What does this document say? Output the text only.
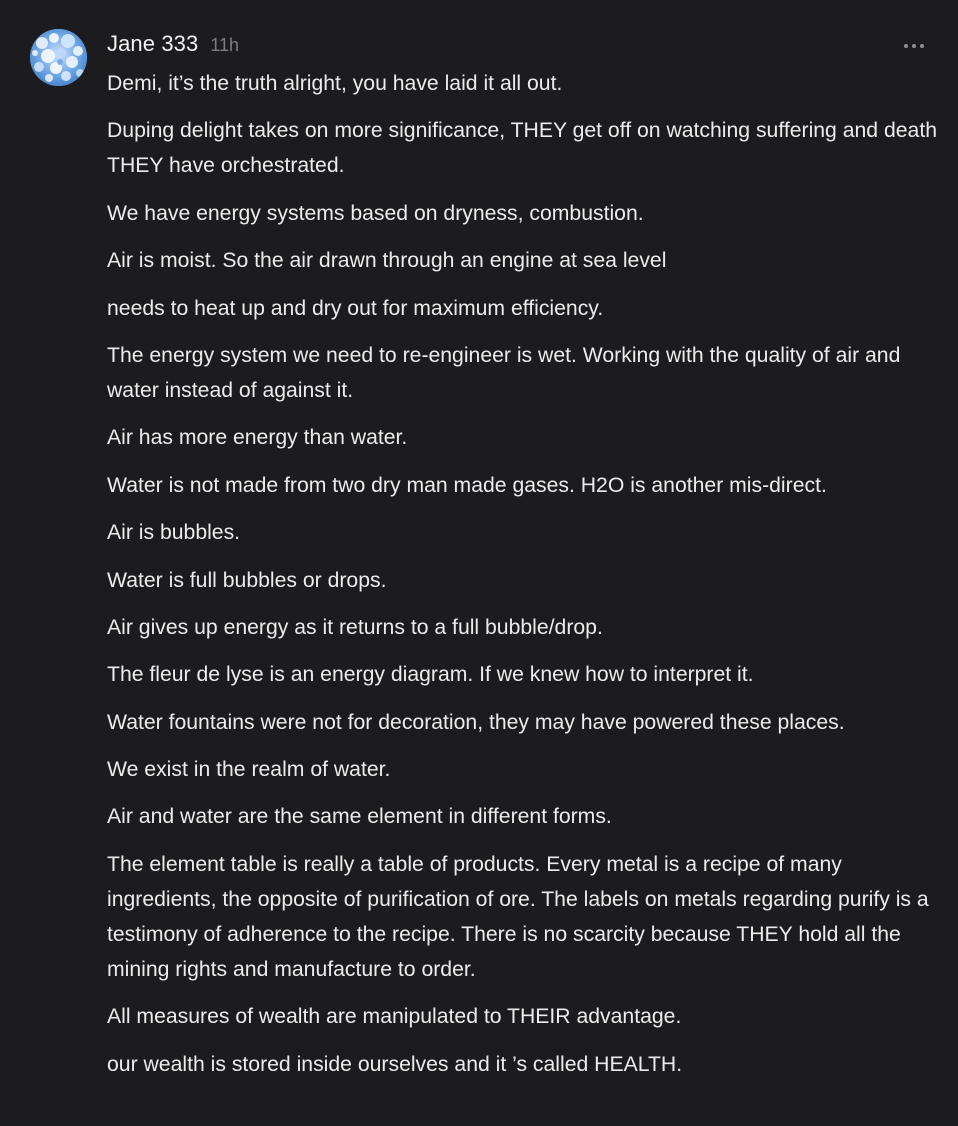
Jane 333 11h

Demi, it’s the truth alright, you have laid it all out.

Duping delight takes on more significance, THEY get off on watching suffering and death THEY have orchestrated.

We have energy systems based on dryness, combustion.

Air is moist. So the air drawn through an engine at sea level

needs to heat up and dry out for maximum efficiency.

The energy system we need to re-engineer is wet. Working with the quality of air and water instead of against it.

Air has more energy than water.

Water is not made from two dry man made gases. H2O is another mis-direct.

Air is bubbles.

Water is full bubbles or drops.

Air gives up energy as it returns to a full bubble/drop.

The fleur de lyse is an energy diagram. If we knew how to interpret it.

Water fountains were not for decoration, they may have powered these places.

We exist in the realm of water.

Air and water are the same element in different forms.

The element table is really a table of products. Every metal is a recipe of many ingredients, the opposite of purification of ore. The labels on metals regarding purify is a testimony of adherence to the recipe. There is no scarcity because THEY hold all the mining rights and manufacture to order.

All measures of wealth are manipulated to THEIR advantage.

our wealth is stored inside ourselves and it ’s called HEALTH.
